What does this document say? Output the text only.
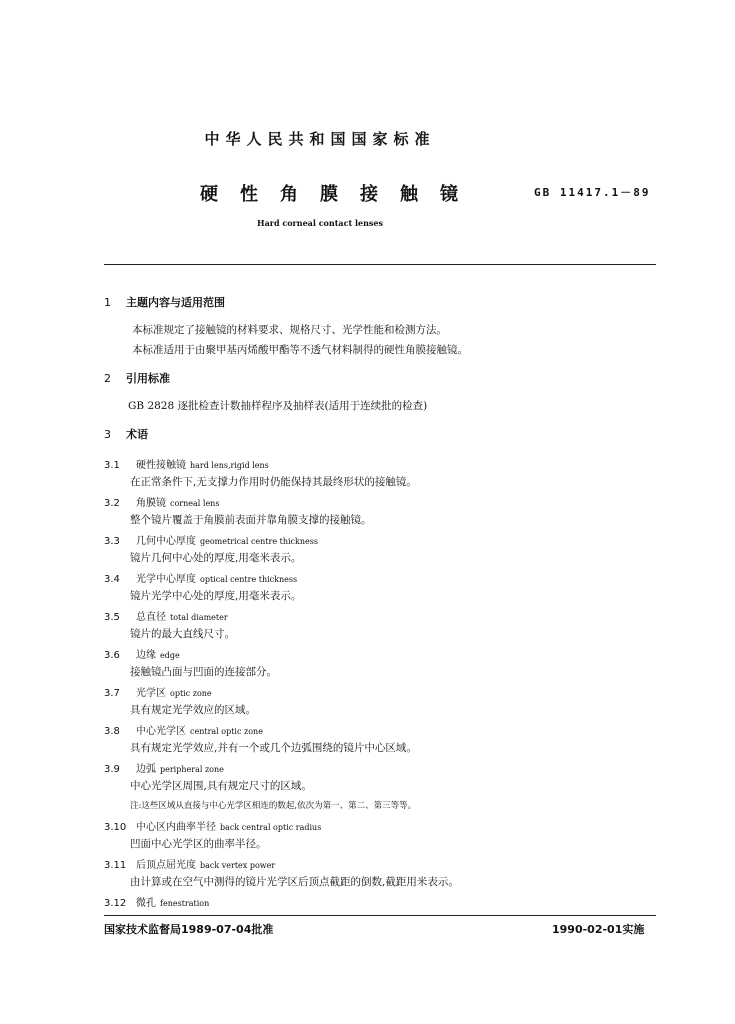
中华人民共和国国家标准
硬性角膜接触镜	GB 11417.1－89
Hard corneal contact lenses
1 主题内容与适用范围
本标准规定了接触镜的材料要求、规格尺寸、光学性能和检测方法。
本标准适用于由聚甲基丙烯酸甲酯等不透气材料制得的硬性角膜接触镜。
2 引用标准
GB 2828 逐批检查计数抽样程序及抽样表(适用于连续批的检查)
3 术语
3.1 硬性接触镜 hard lens,rigid lens
在正常条件下,无支撑力作用时仍能保持其最终形状的接触镜。
3.2 角膜镜 corneal lens
整个镜片覆盖于角膜前表面并靠角膜支撑的接触镜。
3.3 几何中心厚度 geometrical centre thickness
镜片几何中心处的厚度,用毫米表示。
3.4 光学中心厚度 optical centre thickness
镜片光学中心处的厚度,用毫米表示。
3.5 总直径 total diameter
镜片的最大直线尺寸。
3.6 边缘 edge
接触镜凸面与凹面的连接部分。
3.7 光学区 optic zone
具有规定光学效应的区域。
3.8 中心光学区 central optic zone
具有规定光学效应,并有一个或几个边弧围绕的镜片中心区域。
3.9 边弧 peripheral zone
中心光学区周围,具有规定尺寸的区域。
注:这些区域从直接与中心光学区相连的数起,依次为第一、第二、第三等等。
3.10 中心区内曲率半径 back central optic radius
凹面中心光学区的曲率半径。
3.11 后顶点屈光度 back vertex power
由计算或在空气中测得的镜片光学区后顶点截距的倒数,截距用米表示。
3.12 微孔 fenestration
国家技术监督局1989-07-04批准	1990-02-01实施
